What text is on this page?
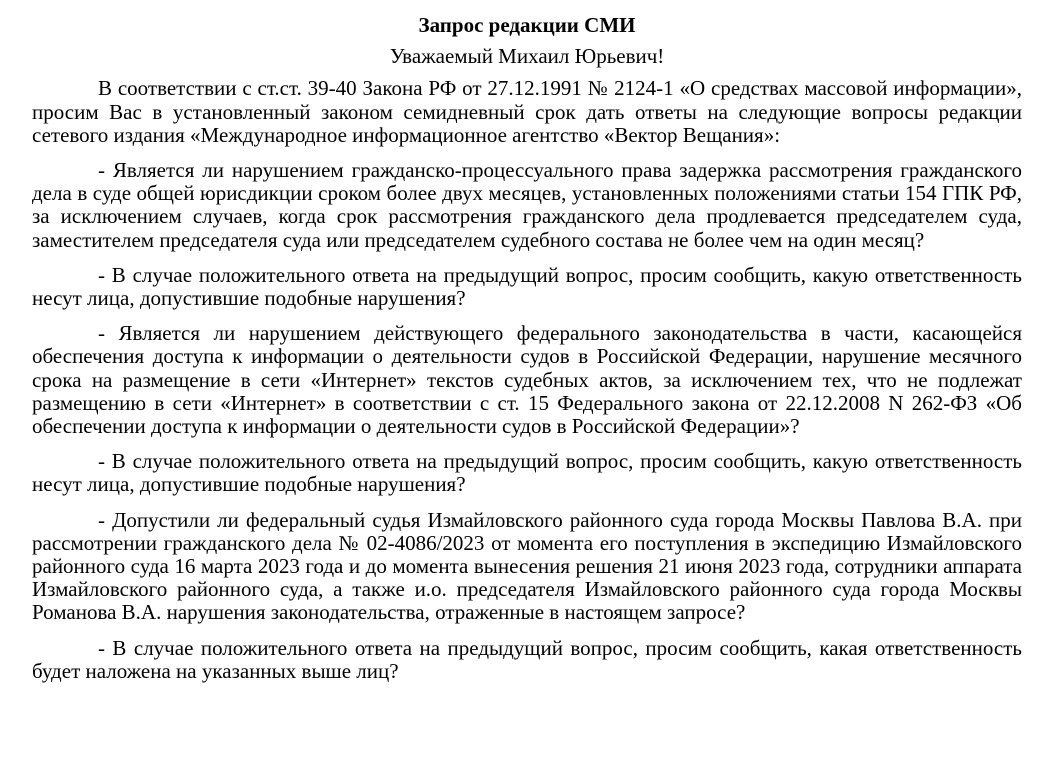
Запрос редакции СМИ
Уважаемый Михаил Юрьевич!

В соответствии с ст.ст. 39-40 Закона РФ от 27.12.1991 № 2124-1 «О средствах массовой информации», просим Вас в установленный законом семидневный срок дать ответы на следующие вопросы редакции сетевого издания «Международное информационное агентство «Вектор Вещания»:

- Является ли нарушением гражданско-процессуального права задержка рассмотрения гражданского дела в суде общей юрисдикции сроком более двух месяцев, установленных положениями статьи 154 ГПК РФ, за исключением случаев, когда срок рассмотрения гражданского дела продлевается председателем суда, заместителем председателя суда или председателем судебного состава не более чем на один месяц?

- В случае положительного ответа на предыдущий вопрос, просим сообщить, какую ответственность несут лица, допустившие подобные нарушения?

- Является ли нарушением действующего федерального законодательства в части, касающейся обеспечения доступа к информации о деятельности судов в Российской Федерации, нарушение месячного срока на размещение в сети «Интернет» текстов судебных актов, за исключением тех, что не подлежат размещению в сети «Интернет» в соответствии с ст. 15 Федерального закона от 22.12.2008 N 262-ФЗ «Об обеспечении доступа к информации о деятельности судов в Российской Федерации»?

- В случае положительного ответа на предыдущий вопрос, просим сообщить, какую ответственность несут лица, допустившие подобные нарушения?

- Допустили ли федеральный судья Измайловского районного суда города Москвы Павлова В.А. при рассмотрении гражданского дела № 02-4086/2023 от момента его поступления в экспедицию Измайловского районного суда 16 марта 2023 года и до момента вынесения решения 21 июня 2023 года, сотрудники аппарата Измайловского районного суда, а также и.о. председателя Измайловского районного суда города Москвы Романова В.А. нарушения законодательства, отраженные в настоящем запросе?

- В случае положительного ответа на предыдущий вопрос, просим сообщить, какая ответственность будет наложена на указанных выше лиц?
